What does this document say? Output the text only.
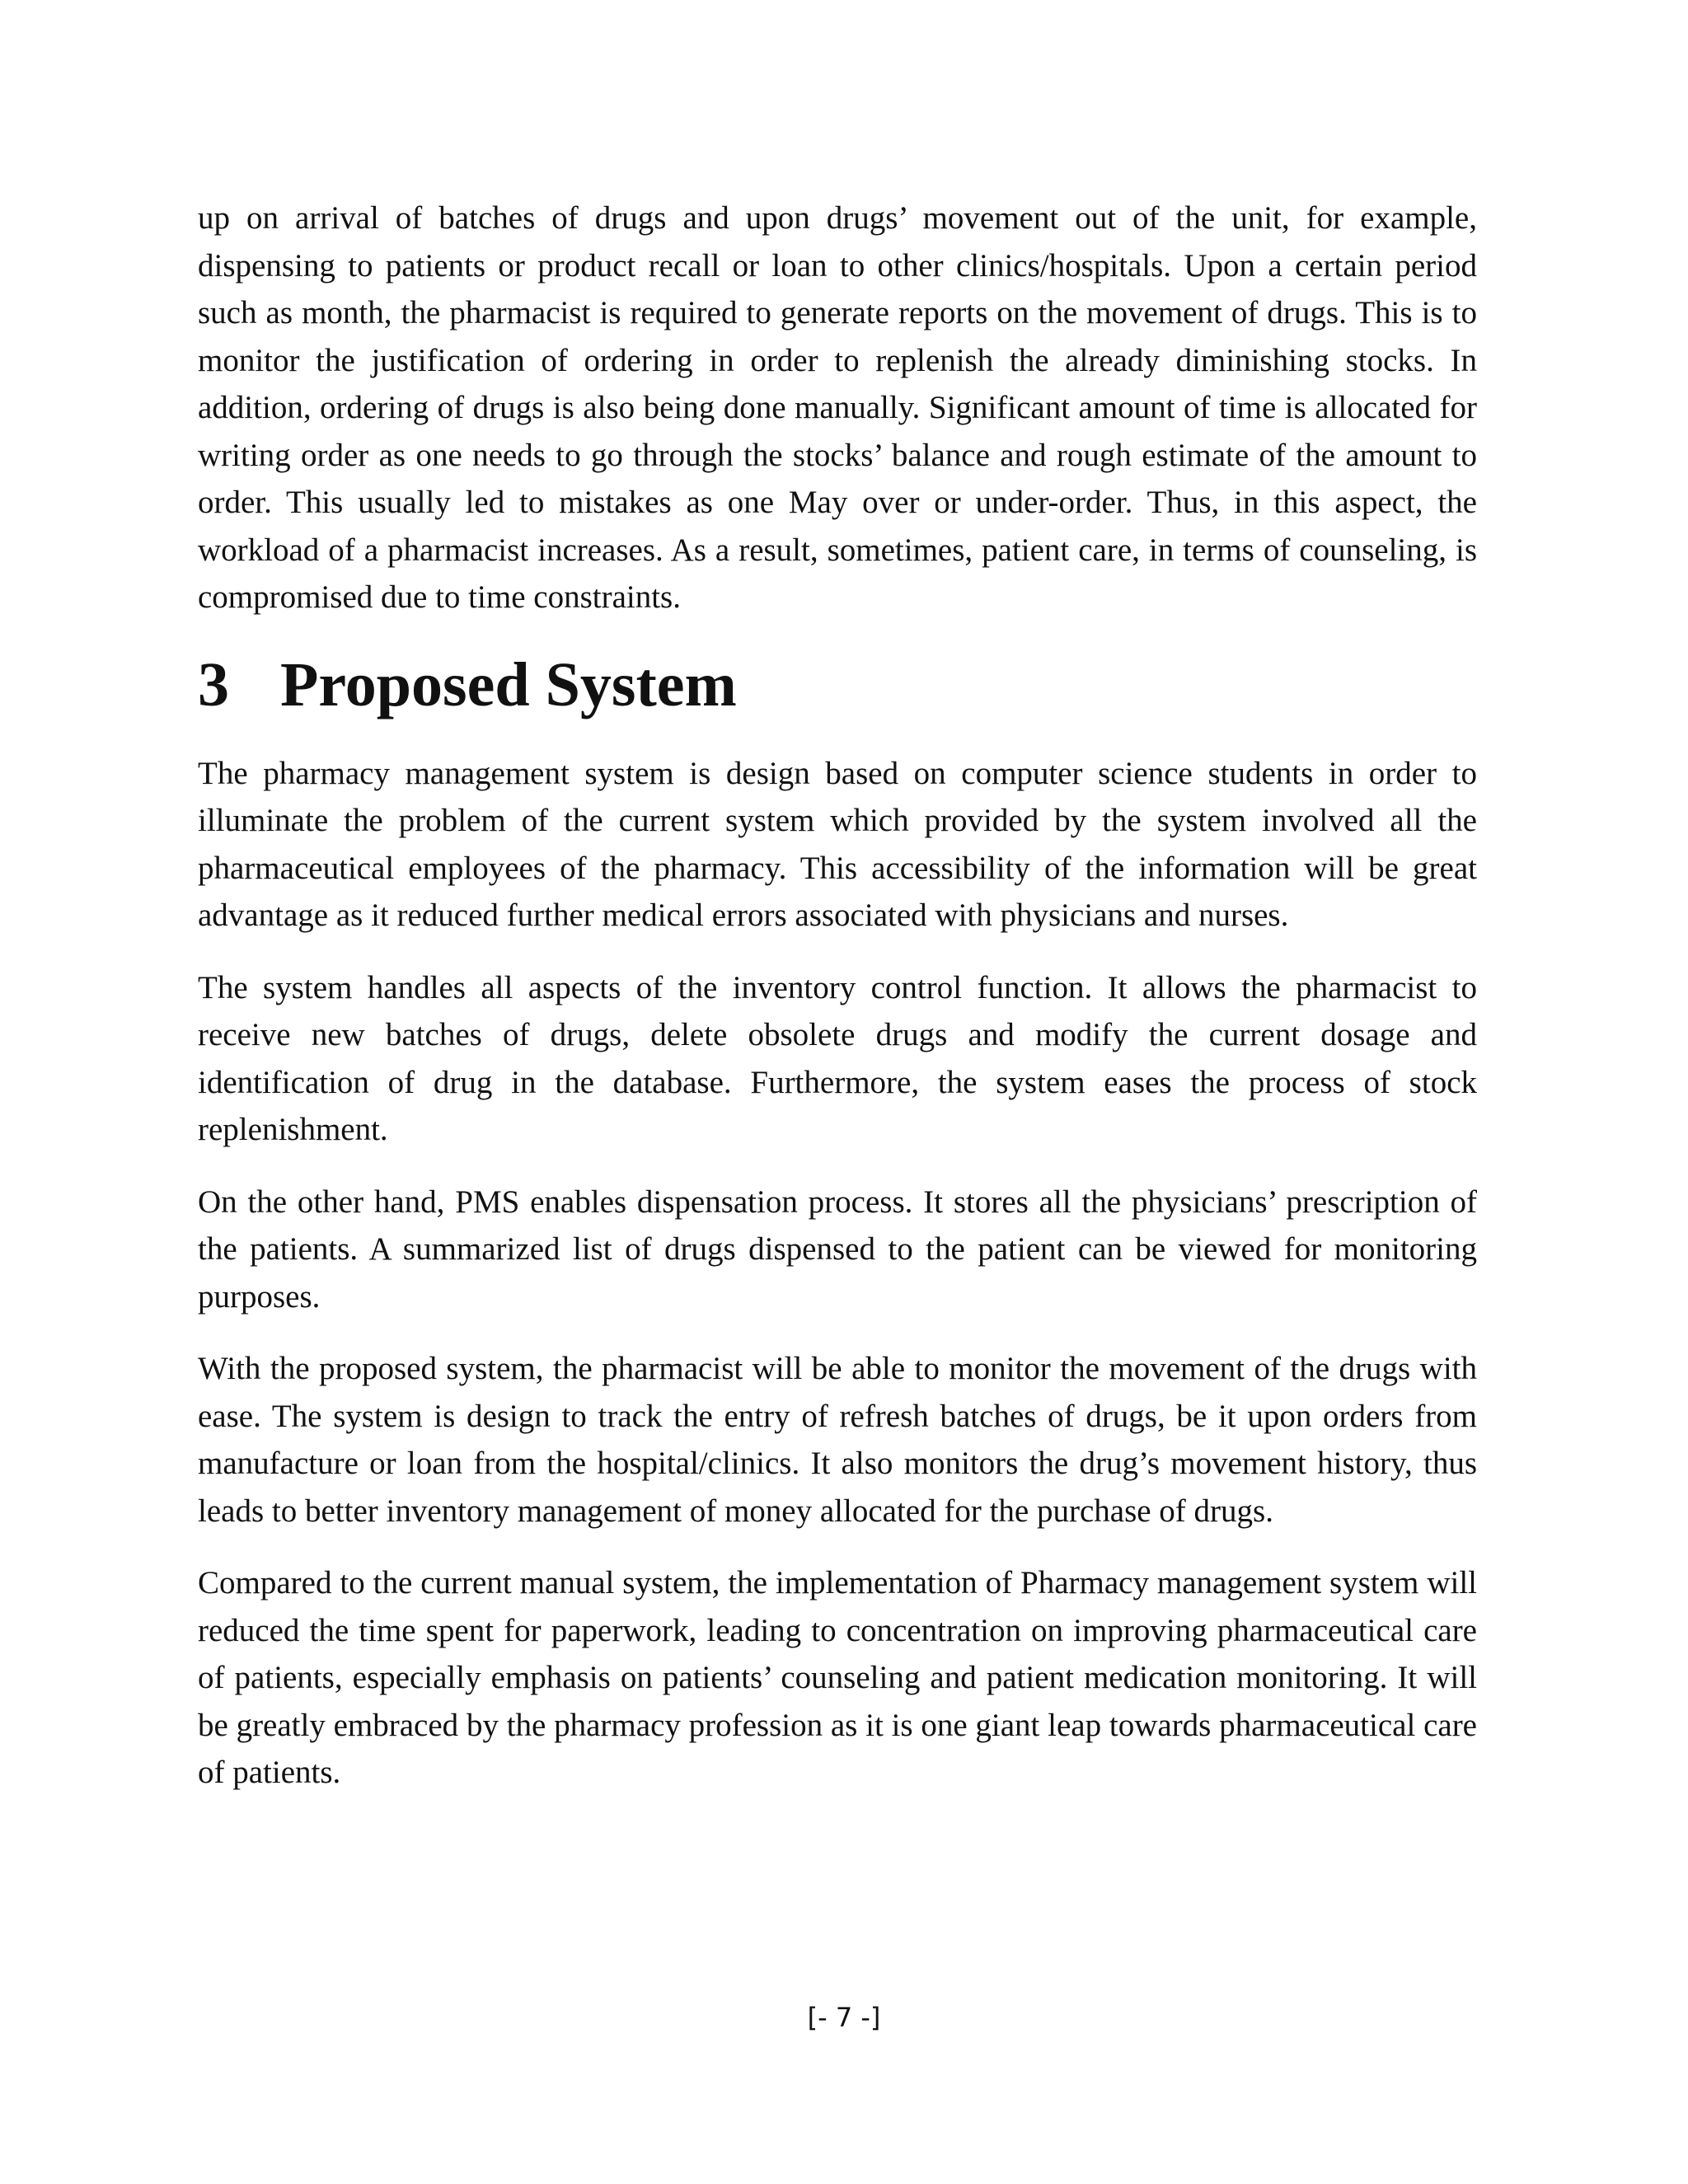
up on arrival of batches of drugs and upon drugs’ movement out of the unit, for example, dispensing to patients or product recall or loan to other clinics/hospitals. Upon a certain period such as month, the pharmacist is required to generate reports on the movement of drugs. This is to monitor the justification of ordering in order to replenish the already diminishing stocks. In addition, ordering of drugs is also being done manually. Significant amount of time is allocated for writing order as one needs to go through the stocks’ balance and rough estimate of the amount to order. This usually led to mistakes as one May over or under-order. Thus, in this aspect, the workload of a pharmacist increases. As a result, sometimes, patient care, in terms of counseling, is compromised due to time constraints.

3 Proposed System

The pharmacy management system is design based on computer science students in order to illuminate the problem of the current system which provided by the system involved all the pharmaceutical employees of the pharmacy. This accessibility of the information will be great advantage as it reduced further medical errors associated with physicians and nurses.

The system handles all aspects of the inventory control function. It allows the pharmacist to receive new batches of drugs, delete obsolete drugs and modify the current dosage and identification of drug in the database. Furthermore, the system eases the process of stock replenishment.

On the other hand, PMS enables dispensation process. It stores all the physicians’ prescription of the patients. A summarized list of drugs dispensed to the patient can be viewed for monitoring purposes.

With the proposed system, the pharmacist will be able to monitor the movement of the drugs with ease. The system is design to track the entry of refresh batches of drugs, be it upon orders from manufacture or loan from the hospital/clinics. It also monitors the drug’s movement history, thus leads to better inventory management of money allocated for the purchase of drugs.

Compared to the current manual system, the implementation of Pharmacy management system will reduced the time spent for paperwork, leading to concentration on improving pharmaceutical care of patients, especially emphasis on patients’ counseling and patient medication monitoring. It will be greatly embraced by the pharmacy profession as it is one giant leap towards pharmaceutical care of patients.

[- 7 -]
